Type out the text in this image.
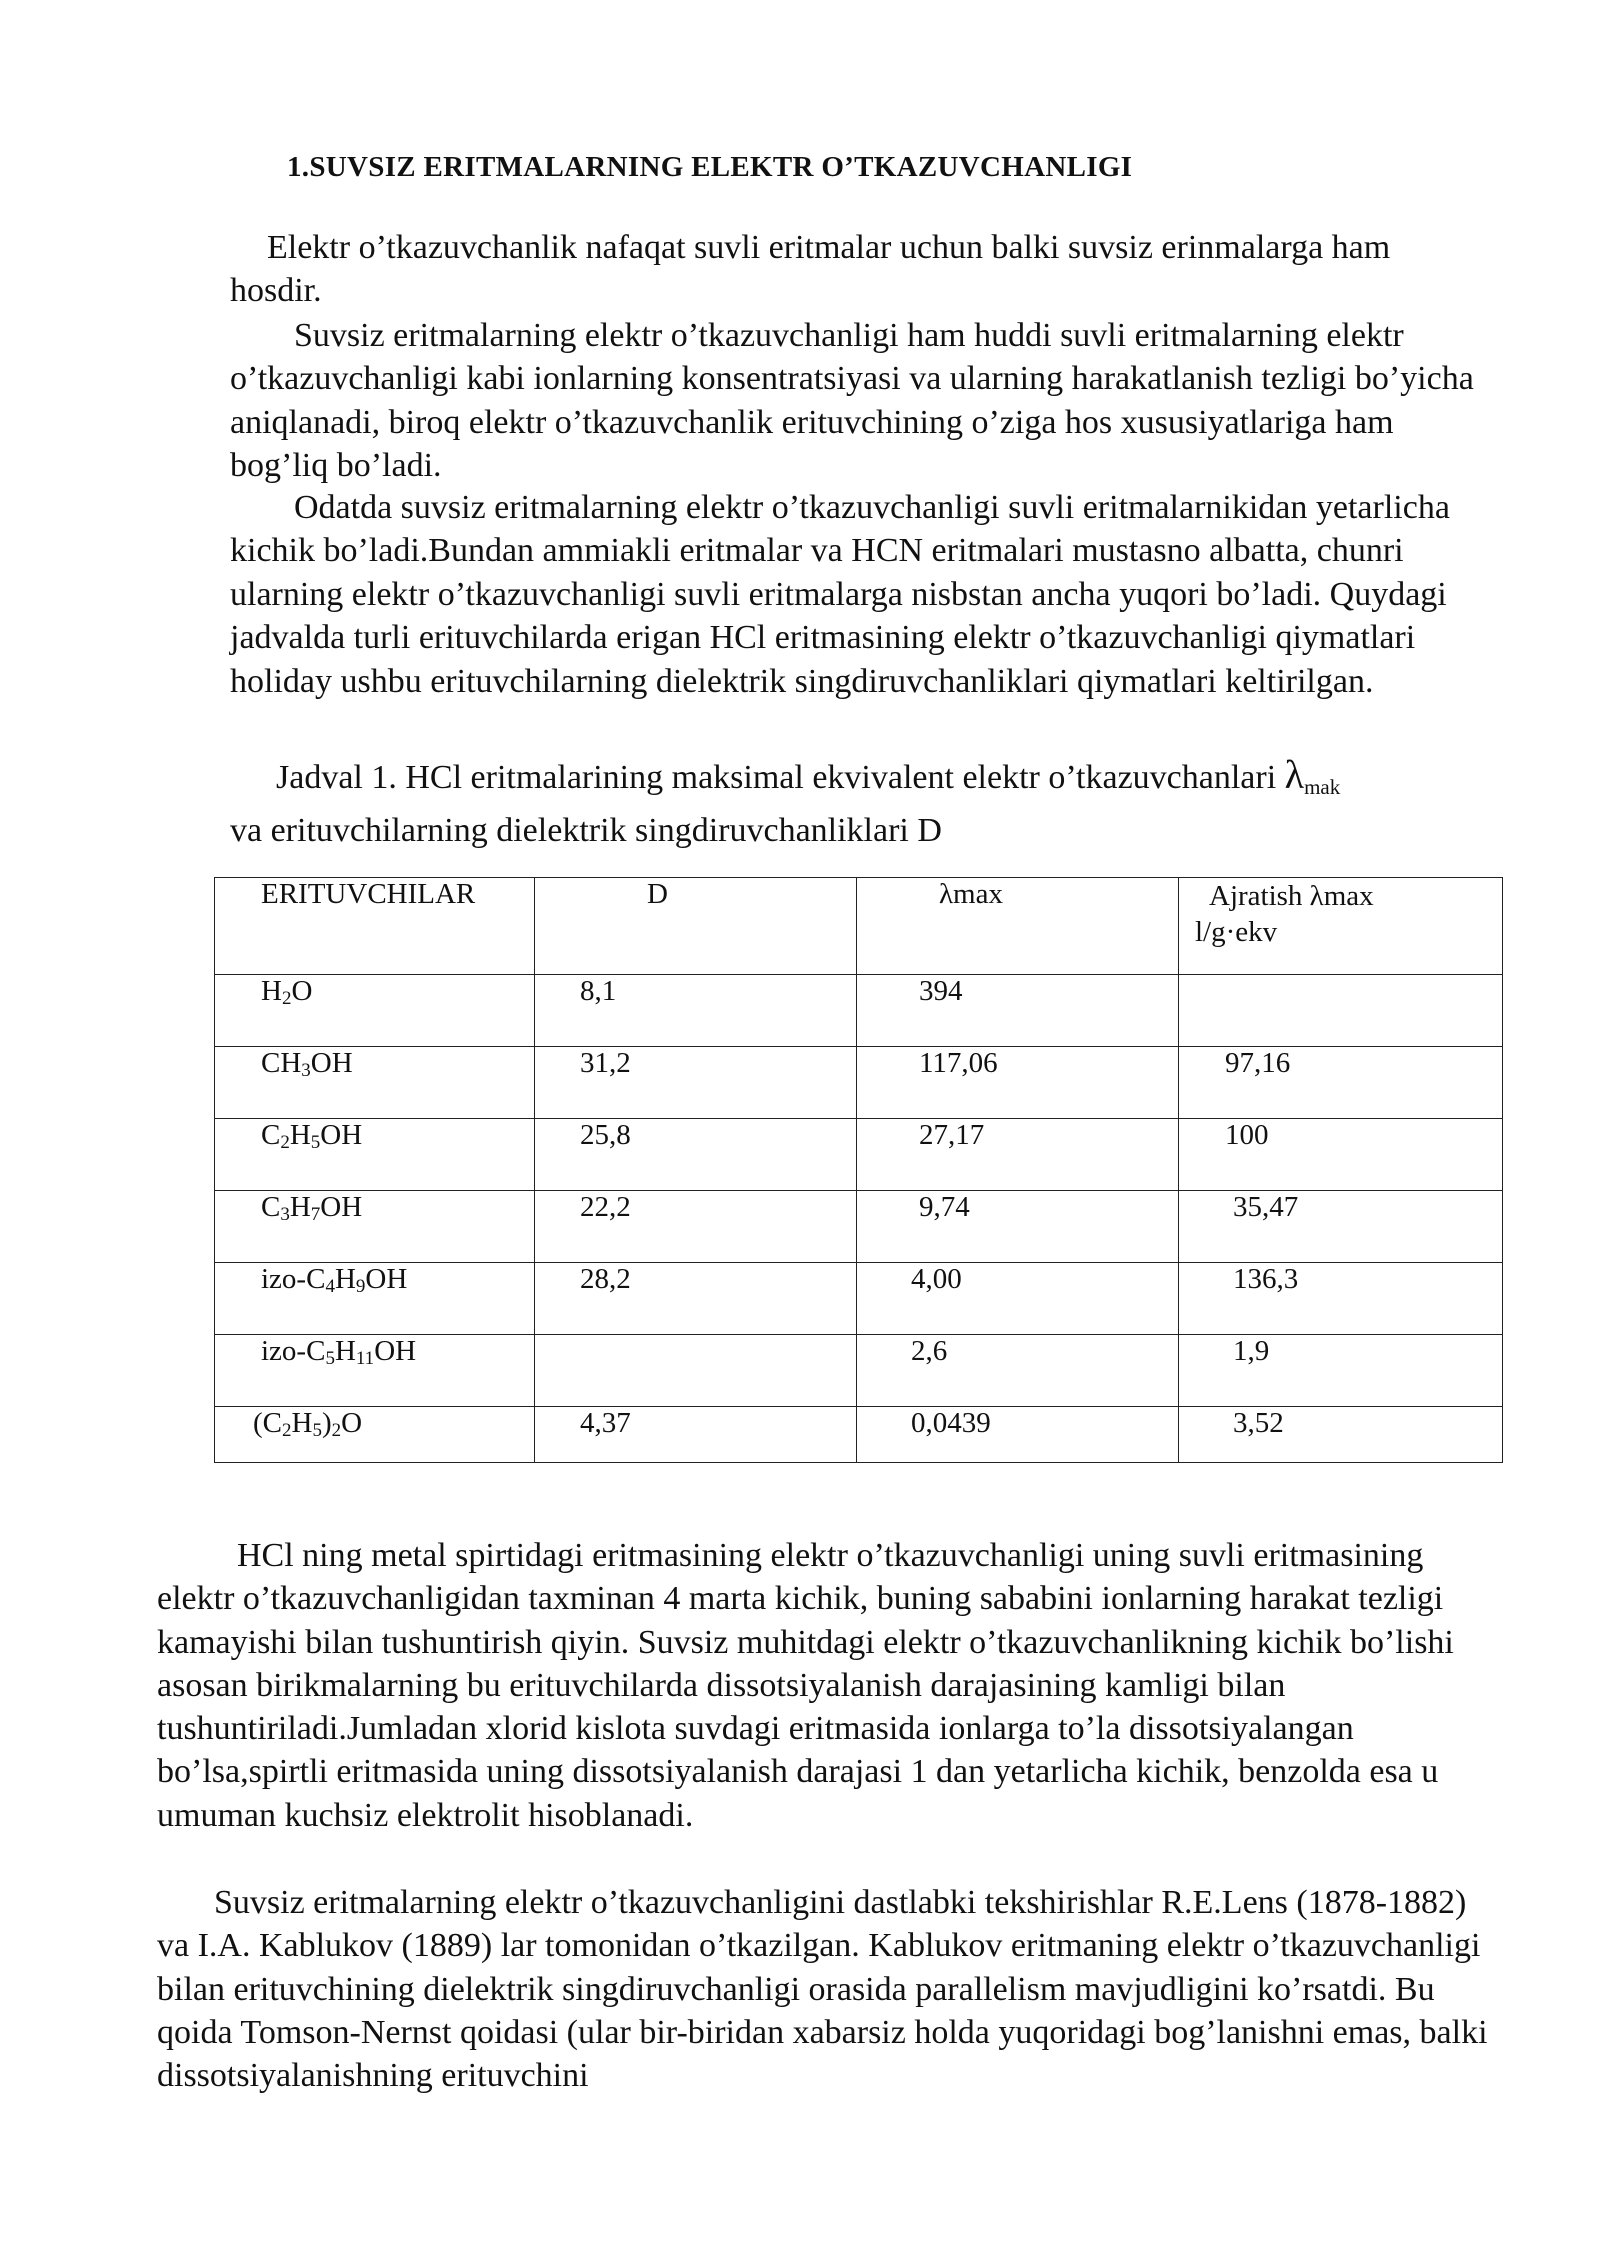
1.SUVSIZ ERITMALARNING ELEKTR O’TKAZUVCHANLIGI

Elektr o’tkazuvchanlik nafaqat suvli eritmalar uchun balki suvsiz erinmalarga ham hosdir.

Suvsiz eritmalarning elektr o’tkazuvchanligi ham huddi suvli eritmalarning elektr o’tkazuvchanligi kabi ionlarning konsentratsiyasi va ularning harakatlanish tezligi bo’yicha aniqlanadi, biroq elektr o’tkazuvchanlik erituvchining o’ziga hos xususiyatlariga ham bog’liq bo’ladi.

Odatda suvsiz eritmalarning elektr o’tkazuvchanligi suvli eritmalarnikidan yetarlicha kichik bo’ladi.Bundan ammiakli eritmalar va HCN eritmalari mustasno albatta, chunri ularning elektr o’tkazuvchanligi suvli eritmalarga nisbstan ancha yuqori bo’ladi. Quydagi jadvalda turli erituvchilarda erigan HCl eritmasining elektr o’tkazuvchanligi qiymatlari holiday ushbu erituvchilarning dielektrik singdiruvchanliklari qiymatlari keltirilgan.

Jadval 1. HCl eritmalarining maksimal ekvivalent elektr o’tkazuvchanlari λmak
va erituvchilarning dielektrik singdiruvchanliklari D

ERITUVCHILAR	D	λmax	Ajratish λmax
l/g·ekv

$H_2O$	8,1	394	

$CH_3OH$	31,2	117,06	97,16

$C_2H_5OH$	25,8	27,17	100

$C_3H_7OH$	22,2	9,74	35,47

izo-$C_4H_9OH$	28,2	4,00	136,3

izo-$C_5H_{11}OH$		2,6	1,9

$(C_2H_5)_2O$	4,37	0,0439	3,52

HCl ning metal spirtidagi eritmasining elektr o’tkazuvchanligi uning suvli eritmasining elektr o’tkazuvchanligidan taxminan 4 marta kichik, buning sababini ionlarning harakat tezligi kamayishi bilan tushuntirish qiyin. Suvsiz muhitdagi elektr o’tkazuvchanlikning kichik bo’lishi asosan birikmalarning bu erituvchilarda dissotsiyalanish darajasining kamligi bilan tushuntiriladi.Jumladan xlorid kislota suvdagi eritmasida ionlarga to’la dissotsiyalangan bo’lsa,spirtli eritmasida uning dissotsiyalanish darajasi 1 dan yetarlicha kichik, benzolda esa u umuman kuchsiz elektrolit hisoblanadi.

Suvsiz eritmalarning elektr o’tkazuvchanligini dastlabki tekshirishlar R.E.Lens (1878-1882) va I.A. Kablukov (1889) lar tomonidan o’tkazilgan. Kablukov eritmaning elektr o’tkazuvchanligi bilan erituvchining dielektrik singdiruvchanligi orasida parallelism mavjudligini ko’rsatdi. Bu qoida Tomson-Nernst qoidasi (ular bir-biridan xabarsiz holda yuqoridagi bog’lanishni emas, balki dissotsiyalanishning erituvchini
